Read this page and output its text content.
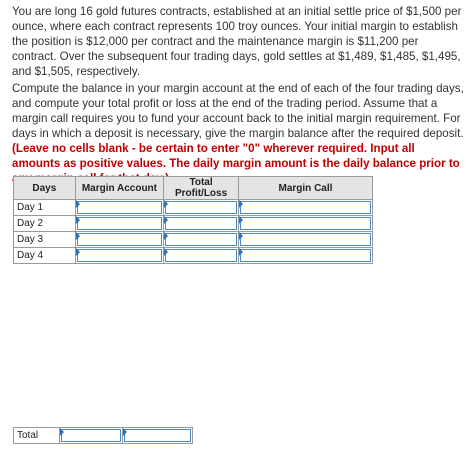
You are long 16 gold futures contracts, established at an initial settle price of $1,500 per ounce, where each contract represents 100 troy ounces. Your initial margin to establish the position is $12,000 per contract and the maintenance margin is $11,200 per contract. Over the subsequent four trading days, gold settles at $1,489, $1,485, $1,495, and $1,505, respectively.

Compute the balance in your margin account at the end of each of the four trading days, and compute your total profit or loss at the end of the trading period. Assume that a margin call requires you to fund your account back to the initial margin requirement. For days in which a deposit is necessary, give the margin balance after the required deposit. (Leave no cells blank - be certain to enter "0" wherever required. Input all amounts as positive values. The daily margin amount is the daily balance prior to

Days	Margin Account	Total Profit/Loss	Margin Call
Day 1	

Day 2	

Day 3	

Day 4	

Total	
